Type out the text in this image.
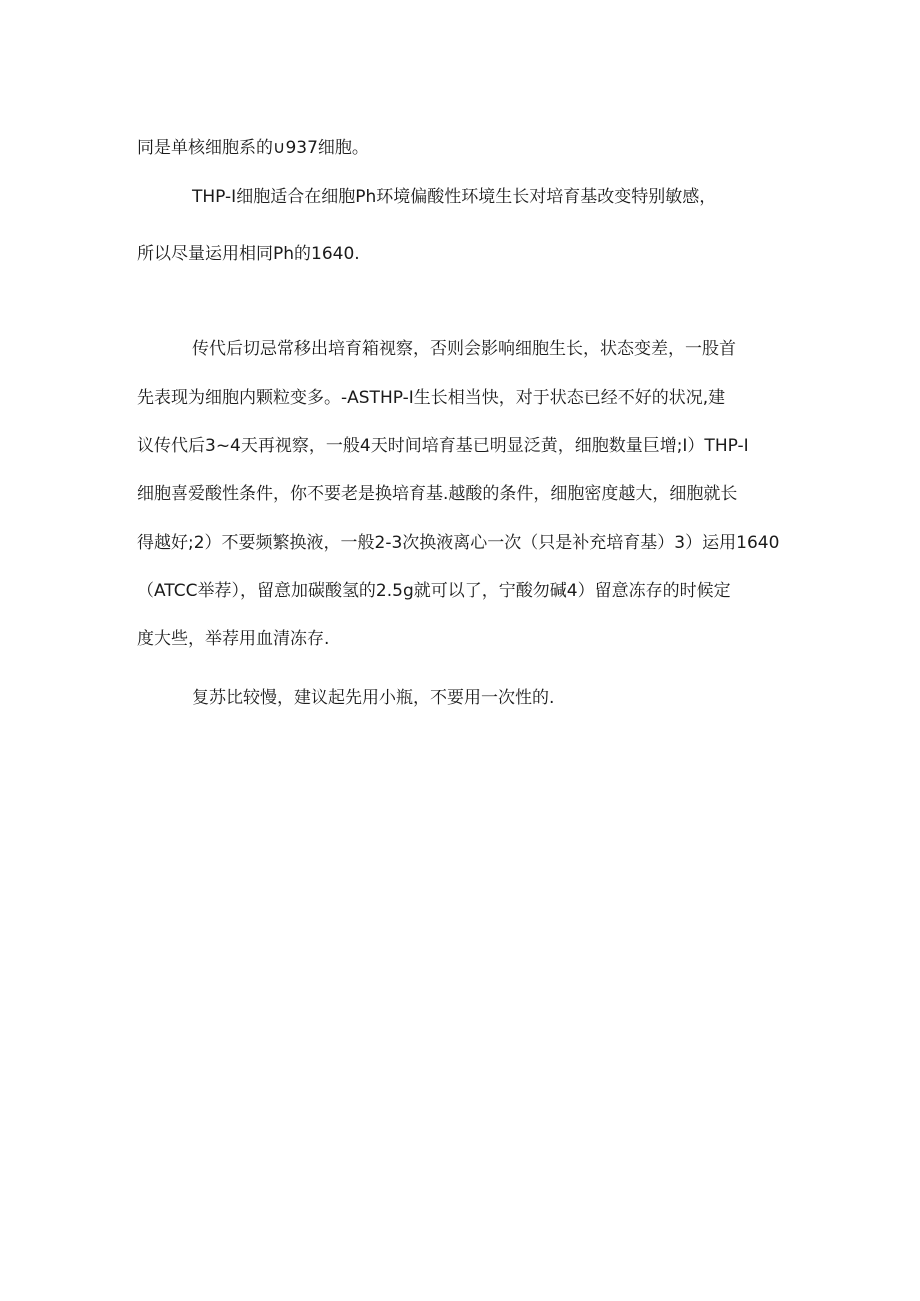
同是单核细胞系的∪937细胞。
THP-I细胞适合在细胞Ph环境偏酸性环境生长对培育基改变特别敏感，
所以尽量运用相同Ph的1640.
传代后切忌常移出培育箱视察，否则会影响细胞生长，状态变差，一股首
先表现为细胞内颗粒变多。-ASTHP-I生长相当快，对于状态已经不好的状况,建
议传代后3~4天再视察，一般4天时间培育基已明显泛黄，细胞数量巨增;I）THP-I
细胞喜爱酸性条件，你不要老是换培育基.越酸的条件，细胞密度越大，细胞就长
得越好;2）不要频繁换液，一般2-3次换液离心一次（只是补充培育基）3）运用1640
（ATCC举荐），留意加碳酸氢的2.5g就可以了，宁酸勿碱4）留意冻存的时候定
度大些，举荐用血清冻存.
复苏比较慢，建议起先用小瓶，不要用一次性的.
